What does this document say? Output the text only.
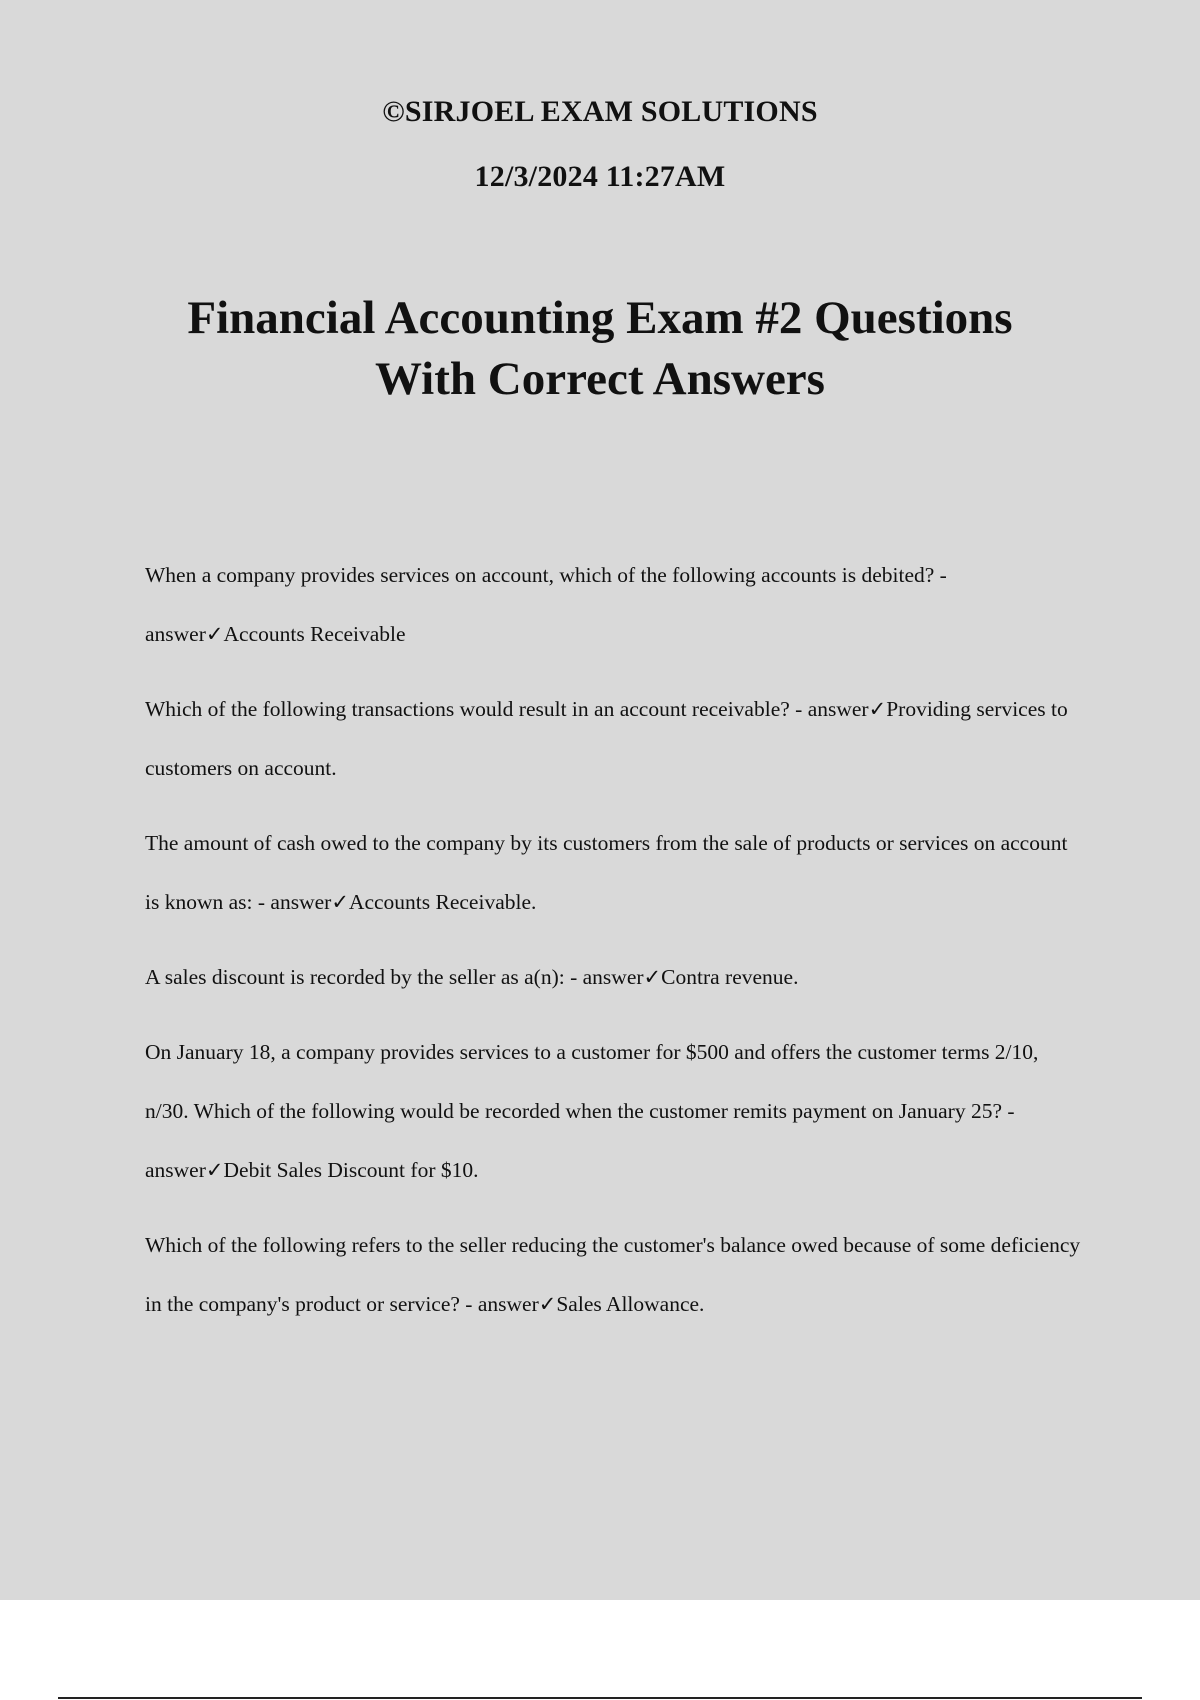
©SIRJOEL EXAM SOLUTIONS
12/3/2024 11:27AM
Financial Accounting Exam #2 Questions
With Correct Answers
When a company provides services on account, which of the following accounts is debited? - answer✓Accounts Receivable
Which of the following transactions would result in an account receivable? - answer✓Providing services to customers on account.
The amount of cash owed to the company by its customers from the sale of products or services on account is known as: - answer✓Accounts Receivable.
A sales discount is recorded by the seller as a(n): - answer✓Contra revenue.
On January 18, a company provides services to a customer for $500 and offers the customer terms 2/10, n/30. Which of the following would be recorded when the customer remits payment on January 25? - answer✓Debit Sales Discount for $10.
Which of the following refers to the seller reducing the customer's balance owed because of some deficiency in the company's product or service? - answer✓Sales Allowance.
